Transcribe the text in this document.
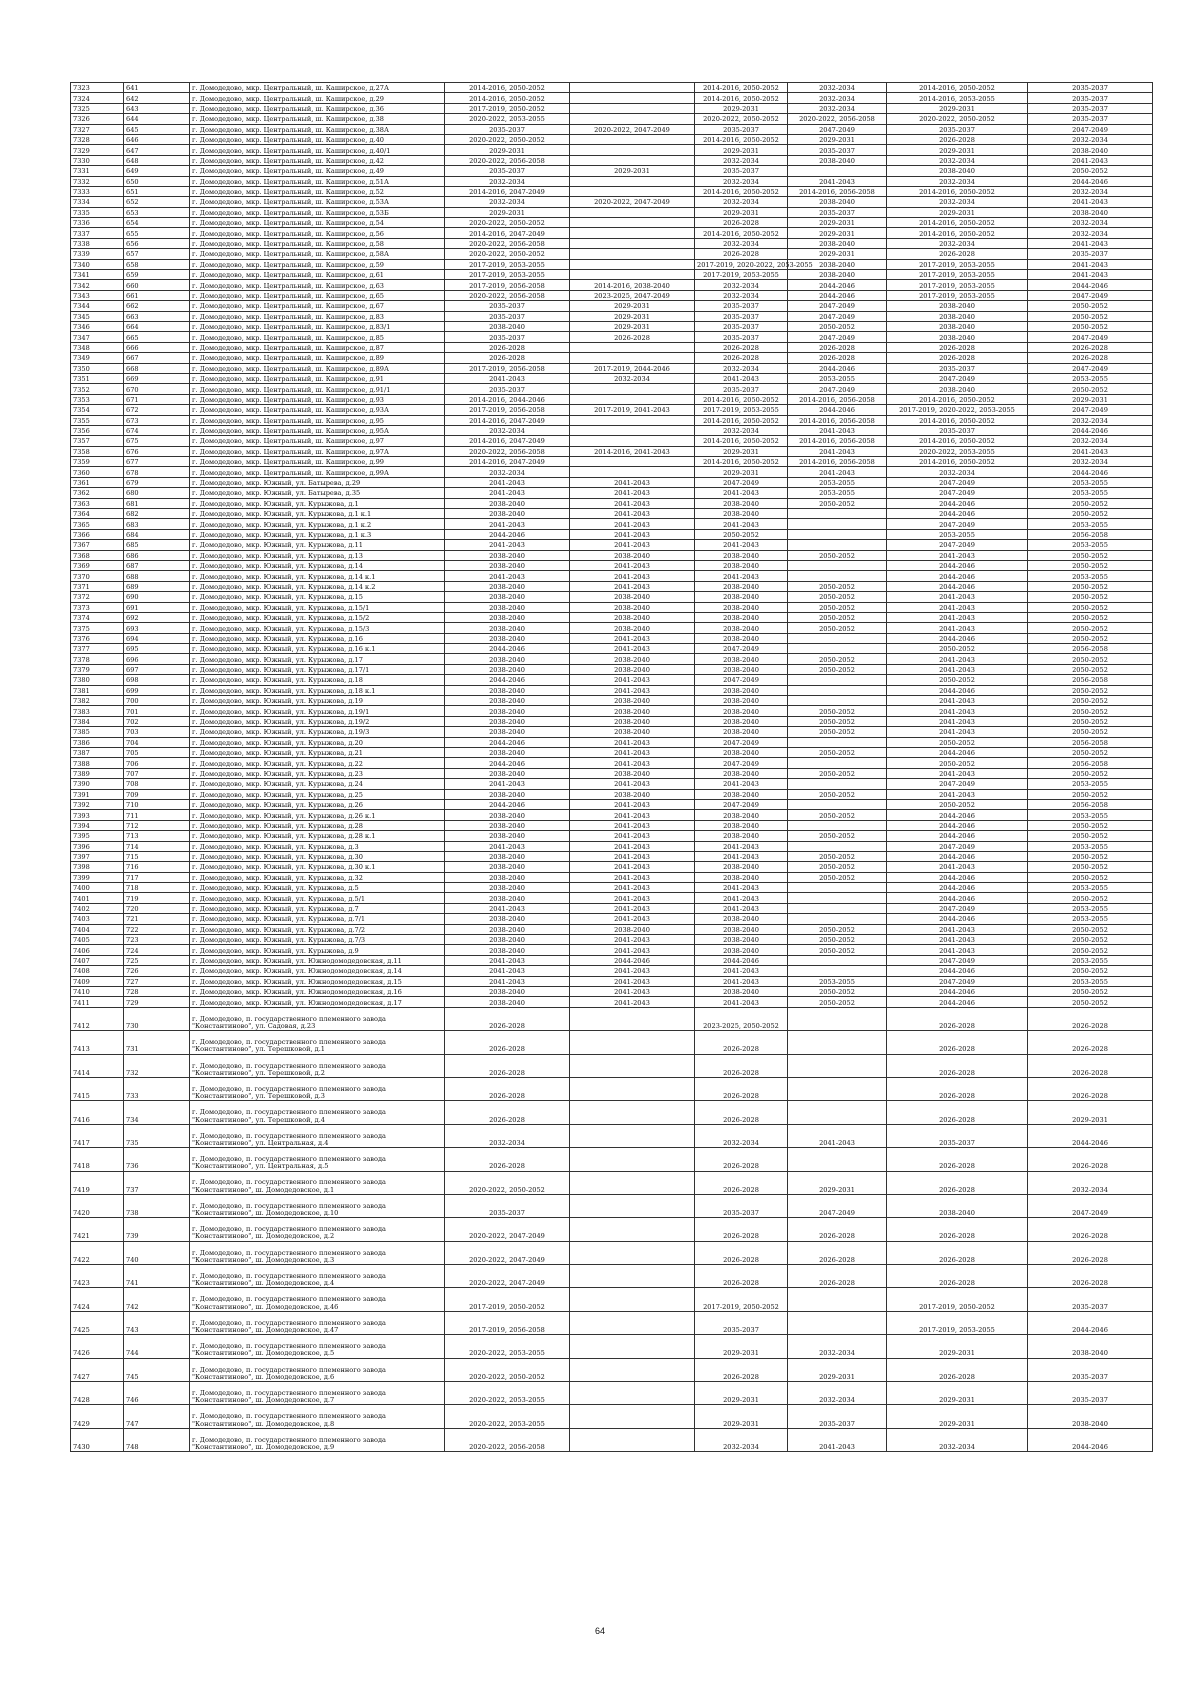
7323	641	г. Домодедово, мкр. Центральный, ш. Каширское, д.27А	2014-2016, 2050-2052		2014-2016, 2050-2052	2032-2034	2014-2016, 2050-2052	2035-2037
7324	642	г. Домодедово, мкр. Центральный, ш. Каширское, д.29	2014-2016, 2050-2052		2014-2016, 2050-2052	2032-2034	2014-2016, 2053-2055	2035-2037
7325	643	г. Домодедово, мкр. Центральный, ш. Каширское, д.36	2017-2019, 2050-2052		2029-2031	2032-2034	2029-2031	2035-2037
7326	644	г. Домодедово, мкр. Центральный, ш. Каширское, д.38	2020-2022, 2053-2055		2020-2022, 2050-2052	2020-2022, 2056-2058	2020-2022, 2050-2052	2035-2037
7327	645	г. Домодедово, мкр. Центральный, ш. Каширское, д.38А	2035-2037	2020-2022, 2047-2049	2035-2037	2047-2049	2035-2037	2047-2049
7328	646	г. Домодедово, мкр. Центральный, ш. Каширское, д.40	2020-2022, 2050-2052		2014-2016, 2050-2052	2029-2031	2026-2028	2032-2034
7329	647	г. Домодедово, мкр. Центральный, ш. Каширское, д.40/1	2029-2031		2029-2031	2035-2037	2029-2031	2038-2040
7330	648	г. Домодедово, мкр. Центральный, ш. Каширское, д.42	2020-2022, 2056-2058		2032-2034	2038-2040	2032-2034	2041-2043
7331	649	г. Домодедово, мкр. Центральный, ш. Каширское, д.49	2035-2037	2029-2031	2035-2037		2038-2040	2050-2052
7332	650	г. Домодедово, мкр. Центральный, ш. Каширское, д.51А	2032-2034		2032-2034	2041-2043	2032-2034	2044-2046
7333	651	г. Домодедово, мкр. Центральный, ш. Каширское, д.52	2014-2016, 2047-2049		2014-2016, 2050-2052	2014-2016, 2056-2058	2014-2016, 2050-2052	2032-2034
7334	652	г. Домодедово, мкр. Центральный, ш. Каширское, д.53А	2032-2034	2020-2022, 2047-2049	2032-2034	2038-2040	2032-2034	2041-2043
7335	653	г. Домодедово, мкр. Центральный, ш. Каширское, д.53Б	2029-2031		2029-2031	2035-2037	2029-2031	2038-2040
7336	654	г. Домодедово, мкр. Центральный, ш. Каширское, д.54	2020-2022, 2050-2052		2026-2028	2029-2031	2014-2016, 2050-2052	2032-2034
7337	655	г. Домодедово, мкр. Центральный, ш. Каширское, д.56	2014-2016, 2047-2049		2014-2016, 2050-2052	2029-2031	2014-2016, 2050-2052	2032-2034
7338	656	г. Домодедово, мкр. Центральный, ш. Каширское, д.58	2020-2022, 2056-2058		2032-2034	2038-2040	2032-2034	2041-2043
7339	657	г. Домодедово, мкр. Центральный, ш. Каширское, д.58А	2020-2022, 2050-2052		2026-2028	2029-2031	2026-2028	2035-2037
7340	658	г. Домодедово, мкр. Центральный, ш. Каширское, д.59	2017-2019, 2053-2055		2017-2019, 2020-2022, 2053-2055	2038-2040	2017-2019, 2053-2055	2041-2043
7341	659	г. Домодедово, мкр. Центральный, ш. Каширское, д.61	2017-2019, 2053-2055		2017-2019, 2053-2055	2038-2040	2017-2019, 2053-2055	2041-2043
7342	660	г. Домодедово, мкр. Центральный, ш. Каширское, д.63	2017-2019, 2056-2058	2014-2016, 2038-2040	2032-2034	2044-2046	2017-2019, 2053-2055	2044-2046
7343	661	г. Домодедово, мкр. Центральный, ш. Каширское, д.65	2020-2022, 2056-2058	2023-2025, 2047-2049	2032-2034	2044-2046	2017-2019, 2053-2055	2047-2049
7344	662	г. Домодедово, мкр. Центральный, ш. Каширское, д.67	2035-2037	2029-2031	2035-2037	2047-2049	2038-2040	2050-2052
7345	663	г. Домодедово, мкр. Центральный, ш. Каширское, д.83	2035-2037	2029-2031	2035-2037	2047-2049	2038-2040	2050-2052
7346	664	г. Домодедово, мкр. Центральный, ш. Каширское, д.83/1	2038-2040	2029-2031	2035-2037	2050-2052	2038-2040	2050-2052
7347	665	г. Домодедово, мкр. Центральный, ш. Каширское, д.85	2035-2037	2026-2028	2035-2037	2047-2049	2038-2040	2047-2049
7348	666	г. Домодедово, мкр. Центральный, ш. Каширское, д.87	2026-2028		2026-2028	2026-2028	2026-2028	2026-2028
7349	667	г. Домодедово, мкр. Центральный, ш. Каширское, д.89	2026-2028		2026-2028	2026-2028	2026-2028	2026-2028
7350	668	г. Домодедово, мкр. Центральный, ш. Каширское, д.89А	2017-2019, 2056-2058	2017-2019, 2044-2046	2032-2034	2044-2046	2035-2037	2047-2049
7351	669	г. Домодедово, мкр. Центральный, ш. Каширское, д.91	2041-2043	2032-2034	2041-2043	2053-2055	2047-2049	2053-2055
7352	670	г. Домодедово, мкр. Центральный, ш. Каширское, д.91/1	2035-2037		2035-2037	2047-2049	2038-2040	2050-2052
7353	671	г. Домодедово, мкр. Центральный, ш. Каширское, д.93	2014-2016, 2044-2046		2014-2016, 2050-2052	2014-2016, 2056-2058	2014-2016, 2050-2052	2029-2031
7354	672	г. Домодедово, мкр. Центральный, ш. Каширское, д.93А	2017-2019, 2056-2058	2017-2019, 2041-2043	2017-2019, 2053-2055	2044-2046	2017-2019, 2020-2022, 2053-2055	2047-2049
7355	673	г. Домодедово, мкр. Центральный, ш. Каширское, д.95	2014-2016, 2047-2049		2014-2016, 2050-2052	2014-2016, 2056-2058	2014-2016, 2050-2052	2032-2034
7356	674	г. Домодедово, мкр. Центральный, ш. Каширское, д.95А	2032-2034		2032-2034	2041-2043	2035-2037	2044-2046
7357	675	г. Домодедово, мкр. Центральный, ш. Каширское, д.97	2014-2016, 2047-2049		2014-2016, 2050-2052	2014-2016, 2056-2058	2014-2016, 2050-2052	2032-2034
7358	676	г. Домодедово, мкр. Центральный, ш. Каширское, д.97А	2020-2022, 2056-2058	2014-2016, 2041-2043	2029-2031	2041-2043	2020-2022, 2053-2055	2041-2043
7359	677	г. Домодедово, мкр. Центральный, ш. Каширское, д.99	2014-2016, 2047-2049		2014-2016, 2050-2052	2014-2016, 2056-2058	2014-2016, 2050-2052	2032-2034
7360	678	г. Домодедово, мкр. Центральный, ш. Каширское, д.99А	2032-2034		2029-2031	2041-2043	2032-2034	2044-2046
7361	679	г. Домодедово, мкр. Южный, ул. Батырева, д.29	2041-2043	2041-2043	2047-2049	2053-2055	2047-2049	2053-2055
7362	680	г. Домодедово, мкр. Южный, ул. Батырева, д.35	2041-2043	2041-2043	2041-2043	2053-2055	2047-2049	2053-2055
7363	681	г. Домодедово, мкр. Южный, ул. Курыжова, д.1	2038-2040	2041-2043	2038-2040	2050-2052	2044-2046	2050-2052
7364	682	г. Домодедово, мкр. Южный, ул. Курыжова, д.1 к.1	2038-2040	2041-2043	2038-2040		2044-2046	2050-2052
7365	683	г. Домодедово, мкр. Южный, ул. Курыжова, д.1 к.2	2041-2043	2041-2043	2041-2043		2047-2049	2053-2055
7366	684	г. Домодедово, мкр. Южный, ул. Курыжова, д.1 к.3	2044-2046	2041-2043	2050-2052		2053-2055	2056-2058
7367	685	г. Домодедово, мкр. Южный, ул. Курыжова, д.11	2041-2043	2041-2043	2041-2043		2047-2049	2053-2055
7368	686	г. Домодедово, мкр. Южный, ул. Курыжова, д.13	2038-2040	2038-2040	2038-2040	2050-2052	2041-2043	2050-2052
7369	687	г. Домодедово, мкр. Южный, ул. Курыжова, д.14	2038-2040	2041-2043	2038-2040		2044-2046	2050-2052
7370	688	г. Домодедово, мкр. Южный, ул. Курыжова, д.14 к.1	2041-2043	2041-2043	2041-2043		2044-2046	2053-2055
7371	689	г. Домодедово, мкр. Южный, ул. Курыжова, д.14 к.2	2038-2040	2041-2043	2038-2040	2050-2052	2044-2046	2050-2052
7372	690	г. Домодедово, мкр. Южный, ул. Курыжова, д.15	2038-2040	2038-2040	2038-2040	2050-2052	2041-2043	2050-2052
7373	691	г. Домодедово, мкр. Южный, ул. Курыжова, д.15/1	2038-2040	2038-2040	2038-2040	2050-2052	2041-2043	2050-2052
7374	692	г. Домодедово, мкр. Южный, ул. Курыжова, д.15/2	2038-2040	2038-2040	2038-2040	2050-2052	2041-2043	2050-2052
7375	693	г. Домодедово, мкр. Южный, ул. Курыжова, д.15/3	2038-2040	2038-2040	2038-2040	2050-2052	2041-2043	2050-2052
7376	694	г. Домодедово, мкр. Южный, ул. Курыжова, д.16	2038-2040	2041-2043	2038-2040		2044-2046	2050-2052
7377	695	г. Домодедово, мкр. Южный, ул. Курыжова, д.16 к.1	2044-2046	2041-2043	2047-2049		2050-2052	2056-2058
7378	696	г. Домодедово, мкр. Южный, ул. Курыжова, д.17	2038-2040	2038-2040	2038-2040	2050-2052	2041-2043	2050-2052
7379	697	г. Домодедово, мкр. Южный, ул. Курыжова, д.17/1	2038-2040	2038-2040	2038-2040	2050-2052	2041-2043	2050-2052
7380	698	г. Домодедово, мкр. Южный, ул. Курыжова, д.18	2044-2046	2041-2043	2047-2049		2050-2052	2056-2058
7381	699	г. Домодедово, мкр. Южный, ул. Курыжова, д.18 к.1	2038-2040	2041-2043	2038-2040		2044-2046	2050-2052
7382	700	г. Домодедово, мкр. Южный, ул. Курыжова, д.19	2038-2040	2038-2040	2038-2040		2041-2043	2050-2052
7383	701	г. Домодедово, мкр. Южный, ул. Курыжова, д.19/1	2038-2040	2038-2040	2038-2040	2050-2052	2041-2043	2050-2052
7384	702	г. Домодедово, мкр. Южный, ул. Курыжова, д.19/2	2038-2040	2038-2040	2038-2040	2050-2052	2041-2043	2050-2052
7385	703	г. Домодедово, мкр. Южный, ул. Курыжова, д.19/3	2038-2040	2038-2040	2038-2040	2050-2052	2041-2043	2050-2052
7386	704	г. Домодедово, мкр. Южный, ул. Курыжова, д.20	2044-2046	2041-2043	2047-2049		2050-2052	2056-2058
7387	705	г. Домодедово, мкр. Южный, ул. Курыжова, д.21	2038-2040	2041-2043	2038-2040	2050-2052	2044-2046	2050-2052
7388	706	г. Домодедово, мкр. Южный, ул. Курыжова, д.22	2044-2046	2041-2043	2047-2049		2050-2052	2056-2058
7389	707	г. Домодедово, мкр. Южный, ул. Курыжова, д.23	2038-2040	2038-2040	2038-2040	2050-2052	2041-2043	2050-2052
7390	708	г. Домодедово, мкр. Южный, ул. Курыжова, д.24	2041-2043	2041-2043	2041-2043		2047-2049	2053-2055
7391	709	г. Домодедово, мкр. Южный, ул. Курыжова, д.25	2038-2040	2038-2040	2038-2040	2050-2052	2041-2043	2050-2052
7392	710	г. Домодедово, мкр. Южный, ул. Курыжова, д.26	2044-2046	2041-2043	2047-2049		2050-2052	2056-2058
7393	711	г. Домодедово, мкр. Южный, ул. Курыжова, д.26 к.1	2038-2040	2041-2043	2038-2040	2050-2052	2044-2046	2053-2055
7394	712	г. Домодедово, мкр. Южный, ул. Курыжова, д.28	2038-2040	2041-2043	2038-2040		2044-2046	2050-2052
7395	713	г. Домодедово, мкр. Южный, ул. Курыжова, д.28 к.1	2038-2040	2041-2043	2038-2040	2050-2052	2044-2046	2050-2052
7396	714	г. Домодедово, мкр. Южный, ул. Курыжова, д.3	2041-2043	2041-2043	2041-2043		2047-2049	2053-2055
7397	715	г. Домодедово, мкр. Южный, ул. Курыжова, д.30	2038-2040	2041-2043	2041-2043	2050-2052	2044-2046	2050-2052
7398	716	г. Домодедово, мкр. Южный, ул. Курыжова, д.30 к.1	2038-2040	2041-2043	2038-2040	2050-2052	2041-2043	2050-2052
7399	717	г. Домодедово, мкр. Южный, ул. Курыжова, д.32	2038-2040	2041-2043	2038-2040	2050-2052	2044-2046	2050-2052
7400	718	г. Домодедово, мкр. Южный, ул. Курыжова, д.5	2038-2040	2041-2043	2041-2043		2044-2046	2053-2055
7401	719	г. Домодедово, мкр. Южный, ул. Курыжова, д.5/1	2038-2040	2041-2043	2041-2043		2044-2046	2050-2052
7402	720	г. Домодедово, мкр. Южный, ул. Курыжова, д.7	2041-2043	2041-2043	2041-2043		2047-2049	2053-2055
7403	721	г. Домодедово, мкр. Южный, ул. Курыжова, д.7/1	2038-2040	2041-2043	2038-2040		2044-2046	2053-2055
7404	722	г. Домодедово, мкр. Южный, ул. Курыжова, д.7/2	2038-2040	2038-2040	2038-2040	2050-2052	2041-2043	2050-2052
7405	723	г. Домодедово, мкр. Южный, ул. Курыжова, д.7/3	2038-2040	2041-2043	2038-2040	2050-2052	2041-2043	2050-2052
7406	724	г. Домодедово, мкр. Южный, ул. Курыжова, д.9	2038-2040	2041-2043	2038-2040	2050-2052	2041-2043	2050-2052
7407	725	г. Домодедово, мкр. Южный, ул. Южнодомодедовская, д.11	2041-2043	2044-2046	2044-2046		2047-2049	2053-2055
7408	726	г. Домодедово, мкр. Южный, ул. Южнодомодедовская, д.14	2041-2043	2041-2043	2041-2043		2044-2046	2050-2052
7409	727	г. Домодедово, мкр. Южный, ул. Южнодомодедовская, д.15	2041-2043	2041-2043	2041-2043	2053-2055	2047-2049	2053-2055
7410	728	г. Домодедово, мкр. Южный, ул. Южнодомодедовская, д.16	2038-2040	2041-2043	2038-2040	2050-2052	2044-2046	2050-2052
7411	729	г. Домодедово, мкр. Южный, ул. Южнодомодедовская, д.17	2038-2040	2041-2043	2041-2043	2050-2052	2044-2046	2050-2052
7412	730	г. Домодедово, п. государственного племенного завода "Константиново", ул. Садовая, д.23	2026-2028		2023-2025, 2050-2052		2026-2028	2026-2028
7413	731	г. Домодедово, п. государственного племенного завода "Константиново", ул. Терешковой, д.1	2026-2028		2026-2028		2026-2028	2026-2028
7414	732	г. Домодедово, п. государственного племенного завода "Константиново", ул. Терешковой, д.2	2026-2028		2026-2028		2026-2028	2026-2028
7415	733	г. Домодедово, п. государственного племенного завода "Константиново", ул. Терешковой, д.3	2026-2028		2026-2028		2026-2028	2026-2028
7416	734	г. Домодедово, п. государственного племенного завода "Константиново", ул. Терешковой, д.4	2026-2028		2026-2028		2026-2028	2029-2031
7417	735	г. Домодедово, п. государственного племенного завода "Константиново", ул. Центральная, д.4	2032-2034		2032-2034	2041-2043	2035-2037	2044-2046
7418	736	г. Домодедово, п. государственного племенного завода "Константиново", ул. Центральная, д.5	2026-2028		2026-2028		2026-2028	2026-2028
7419	737	г. Домодедово, п. государственного племенного завода "Константиново", ш. Домодедовское, д.1	2020-2022, 2050-2052		2026-2028	2029-2031	2026-2028	2032-2034
7420	738	г. Домодедово, п. государственного племенного завода "Константиново", ш. Домодедовское, д.10	2035-2037		2035-2037	2047-2049	2038-2040	2047-2049
7421	739	г. Домодедово, п. государственного племенного завода "Константиново", ш. Домодедовское, д.2	2020-2022, 2047-2049		2026-2028	2026-2028	2026-2028	2026-2028
7422	740	г. Домодедово, п. государственного племенного завода "Константиново", ш. Домодедовское, д.3	2020-2022, 2047-2049		2026-2028	2026-2028	2026-2028	2026-2028
7423	741	г. Домодедово, п. государственного племенного завода "Константиново", ш. Домодедовское, д.4	2020-2022, 2047-2049		2026-2028	2026-2028	2026-2028	2026-2028
7424	742	г. Домодедово, п. государственного племенного завода "Константиново", ш. Домодедовское, д.46	2017-2019, 2050-2052		2017-2019, 2050-2052		2017-2019, 2050-2052	2035-2037
7425	743	г. Домодедово, п. государственного племенного завода "Константиново", ш. Домодедовское, д.47	2017-2019, 2056-2058		2035-2037		2017-2019, 2053-2055	2044-2046
7426	744	г. Домодедово, п. государственного племенного завода "Константиново", ш. Домодедовское, д.5	2020-2022, 2053-2055		2029-2031	2032-2034	2029-2031	2038-2040
7427	745	г. Домодедово, п. государственного племенного завода "Константиново", ш. Домодедовское, д.6	2020-2022, 2050-2052		2026-2028	2029-2031	2026-2028	2035-2037
7428	746	г. Домодедово, п. государственного племенного завода "Константиново", ш. Домодедовское, д.7	2020-2022, 2053-2055		2029-2031	2032-2034	2029-2031	2035-2037
7429	747	г. Домодедово, п. государственного племенного завода "Константиново", ш. Домодедовское, д.8	2020-2022, 2053-2055		2029-2031	2035-2037	2029-2031	2038-2040
7430	748	г. Домодедово, п. государственного племенного завода "Константиново", ш. Домодедовское, д.9	2020-2022, 2056-2058		2032-2034	2041-2043	2032-2034	2044-2046
64
